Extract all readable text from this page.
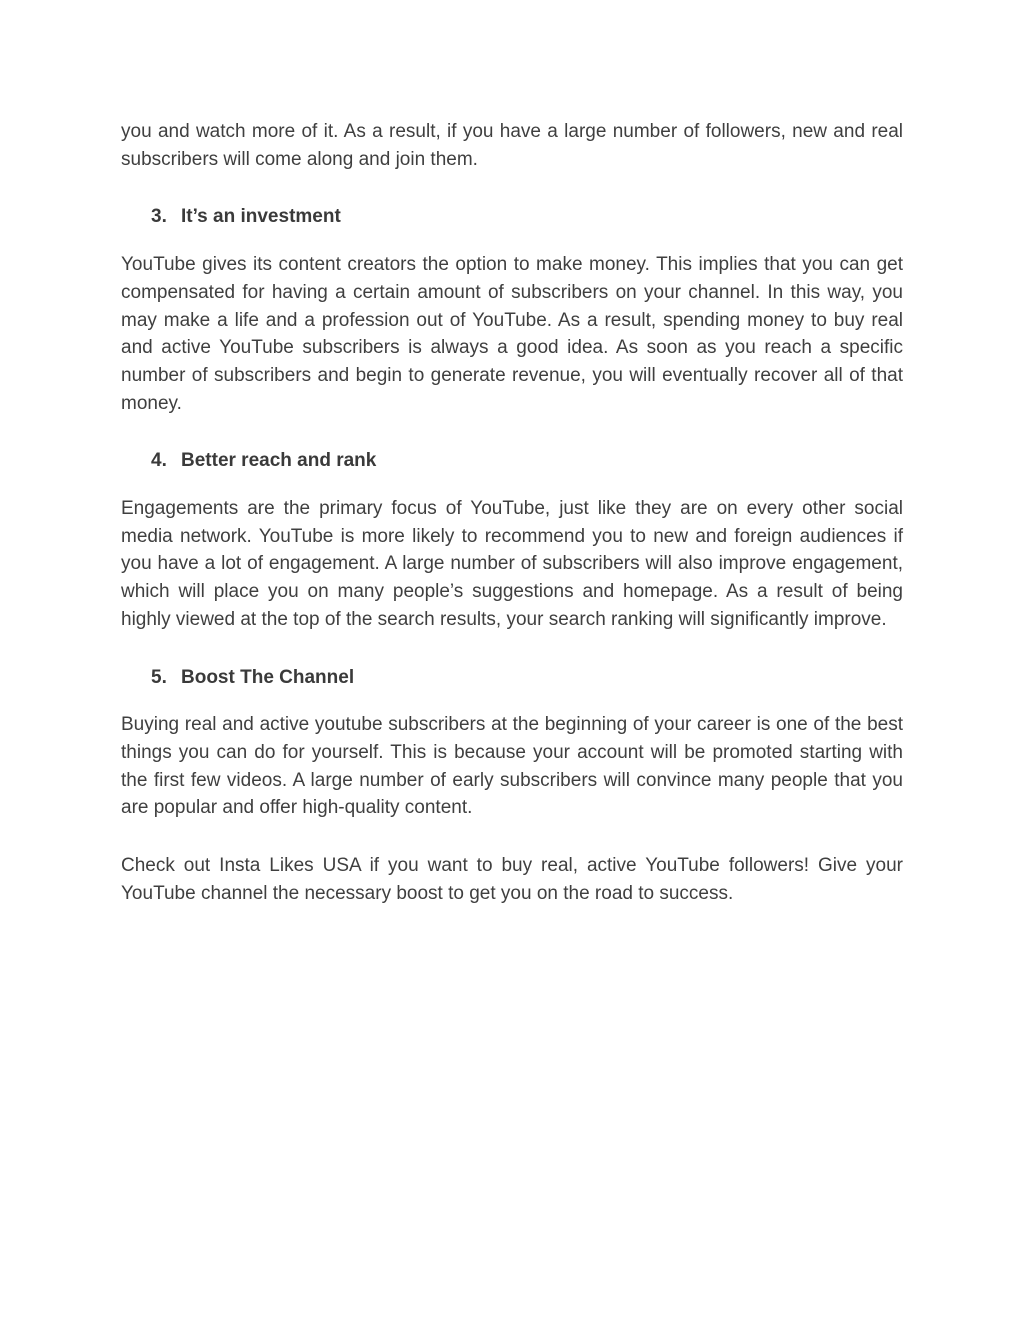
you and watch more of it. As a result, if you have a large number of followers, new and real subscribers will come along and join them.

3. It’s an investment

YouTube gives its content creators the option to make money. This implies that you can get compensated for having a certain amount of subscribers on your channel. In this way, you may make a life and a profession out of YouTube. As a result, spending money to buy real and active YouTube subscribers is always a good idea. As soon as you reach a specific number of subscribers and begin to generate revenue, you will eventually recover all of that money.

4. Better reach and rank

Engagements are the primary focus of YouTube, just like they are on every other social media network. YouTube is more likely to recommend you to new and foreign audiences if you have a lot of engagement. A large number of subscribers will also improve engagement, which will place you on many people’s suggestions and homepage. As a result of being highly viewed at the top of the search results, your search ranking will significantly improve.

5. Boost The Channel

Buying real and active youtube subscribers at the beginning of your career is one of the best things you can do for yourself. This is because your account will be promoted starting with the first few videos. A large number of early subscribers will convince many people that you are popular and offer high-quality content.

Check out Insta Likes USA if you want to buy real, active YouTube followers! Give your YouTube channel the necessary boost to get you on the road to success.
